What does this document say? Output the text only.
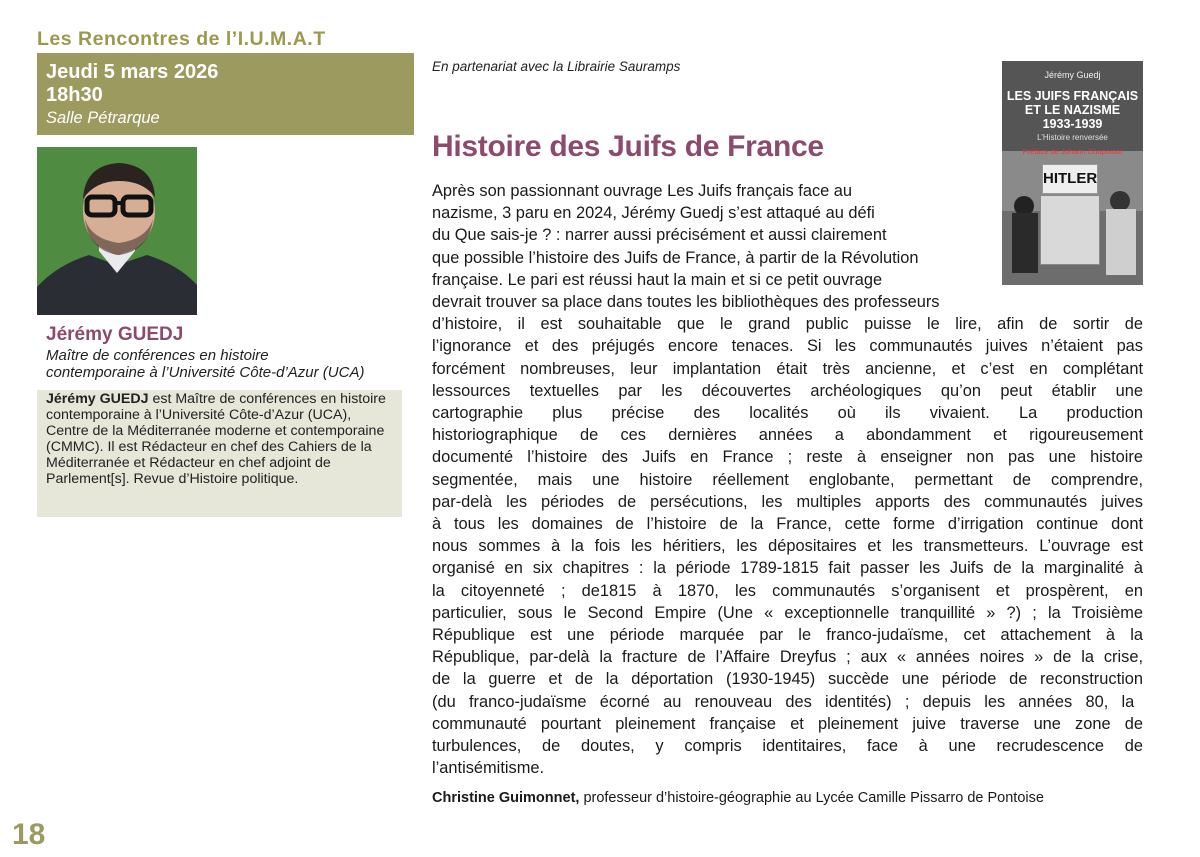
Les Rencontres de l’I.U.M.A.T
Jeudi 5 mars 2026
18h30
Salle Pétrarque
Jérémy GUEDJ
Maître de conférences en histoire
contemporaine à l’Université Côte-d’Azur (UCA)
Jérémy GUEDJ est Maître de conférences en histoire contemporaine à l’Université Côte-d’Azur (UCA), Centre de la Méditerranée moderne et contemporaine (CMMC). Il est Rédacteur en chef des Cahiers de la Méditerranée et Rédacteur en chef adjoint de Parlement[s]. Revue d’Histoire politique.
En partenariat avec la Librairie Sauramps
Histoire des Juifs de France
Jérémy Guedj
LES JUIFS FRANÇAIS ET LE NAZISME
1933-1939
L’Histoire renversée
Préface de Johann Chapoutot
HITLER
Après son passionnant ouvrage Les Juifs français face au
nazisme, 3 paru en 2024, Jérémy Guedj s’est attaqué au défi
du Que sais-je ? : narrer aussi précisément et aussi clairement
que possible l’histoire des Juifs de France, à partir de la Révolution
française. Le pari est réussi haut la main et si ce petit ouvrage
devrait trouver sa place dans toutes les bibliothèques des professeurs
d’histoire, il est souhaitable que le grand public puisse le lire, afin de sortir de
l’ignorance et des préjugés encore tenaces. Si les communautés juives n’étaient pas
forcément nombreuses, leur implantation était très ancienne, et c’est en complétant
lessources textuelles par les découvertes archéologiques qu’on peut établir une
cartographie plus précise des localités où ils vivaient. La production
historiographique de ces dernières années a abondamment et rigoureusement
documenté l’histoire des Juifs en France ; reste à enseigner non pas une histoire
segmentée, mais une histoire réellement englobante, permettant de comprendre,
par-delà les périodes de persécutions, les multiples apports des communautés juives
à tous les domaines de l’histoire de la France, cette forme d’irrigation continue dont
nous sommes à la fois les héritiers, les dépositaires et les transmetteurs. L’ouvrage est
organisé en six chapitres : la période 1789-1815 fait passer les Juifs de la marginalité à
la citoyenneté ; de1815 à 1870, les communautés s’organisent et prospèrent, en
particulier, sous le Second Empire (Une « exceptionnelle tranquillité » ?) ; la Troisième
République est une période marquée par le franco-judaïsme, cet attachement à la
République, par-delà la fracture de l’Affaire Dreyfus ; aux « années noires » de la crise,
de la guerre et de la déportation (1930-1945) succède une période de reconstruction
(du franco-judaïsme écorné au renouveau des identités) ; depuis les années 80, la
communauté pourtant pleinement française et pleinement juive traverse une zone de
turbulences, de doutes, y compris identitaires, face à une recrudescence de
l’antisémitisme.
Christine Guimonnet, professeur d’histoire-géographie au Lycée Camille Pissarro de Pontoise
18
